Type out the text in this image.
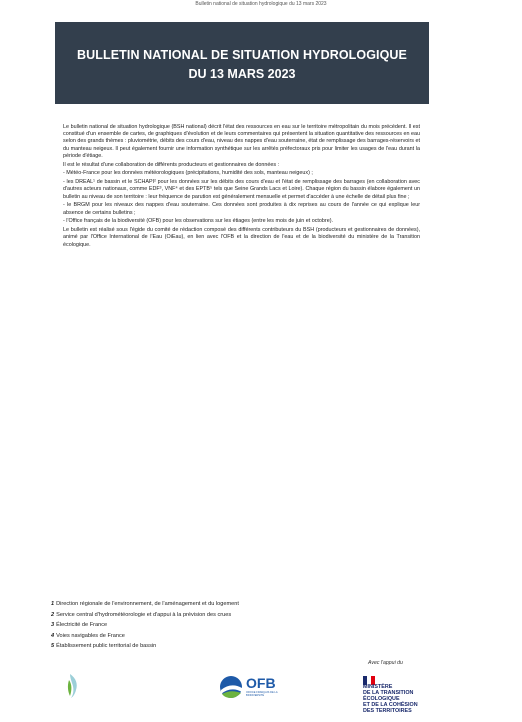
Bulletin national de situation hydrologique du 13 mars 2023
BULLETIN NATIONAL DE SITUATION HYDROLOGIQUE
DU 13 MARS 2023

Le bulletin national de situation hydrologique (BSH national) décrit l'état des ressources en eau sur le territoire métropolitain du mois précédent. Il est constitué d'un ensemble de cartes, de graphiques d'évolution et de leurs commentaires qui présentent la situation quantitative des ressources en eau selon des grands thèmes : pluviométrie, débits des cours d'eau, niveau des nappes d'eau souterraine, état de remplissage des barrages-réservoirs et du manteau neigeux. Il peut également fournir une information synthétique sur les arrêtés préfectoraux pris pour limiter les usages de l'eau durant la période d'étiage.

Il est le résultat d'une collaboration de différents producteurs et gestionnaires de données :

- Météo-France pour les données météorologiques (précipitations, humidité des sols, manteau neigeux) ;

- les DREAL¹ de bassin et le SCHAPI² pour les données sur les débits des cours d'eau et l'état de remplissage des barrages (en collaboration avec d'autres acteurs nationaux, comme EDF³, VNF⁴ et des EPTB⁵ tels que Seine Grands Lacs et Loire). Chaque région du bassin élabore également un bulletin au niveau de son territoire : leur fréquence de parution est généralement mensuelle et permet d'accéder à une échelle de détail plus fine ;

- le BRGM pour les niveaux des nappes d'eau souterraine. Ces données sont produites à dix reprises au cours de l'année ce qui explique leur absence de certains bulletins ;

- l'Office français de la biodiversité (OFB) pour les observations sur les étiages (entre les mois de juin et octobre).

Le bulletin est réalisé sous l'égide du comité de rédaction composé des différents contributeurs du BSH (producteurs et gestionnaires de données), animé par l'Office International de l'Eau (OiEau), en lien avec l'OFB et la direction de l'eau et de la biodiversité du ministère de la Transition écologique.

1 Direction régionale de l'environnement, de l'aménagement et du logement
2 Service central d'hydrométéorologie et d'appui à la prévision des crues
3 Électricité de France
4 Voies navigables de France
5 Établissement public territorial de bassin
Avec l'appui du
OFB
OFFICE FRANÇAIS DE LA BIODIVERSITÉ
MINISTÈRE
DE LA TRANSITION
ÉCOLOGIQUE
ET DE LA COHÉSION
DES TERRITOIRES
